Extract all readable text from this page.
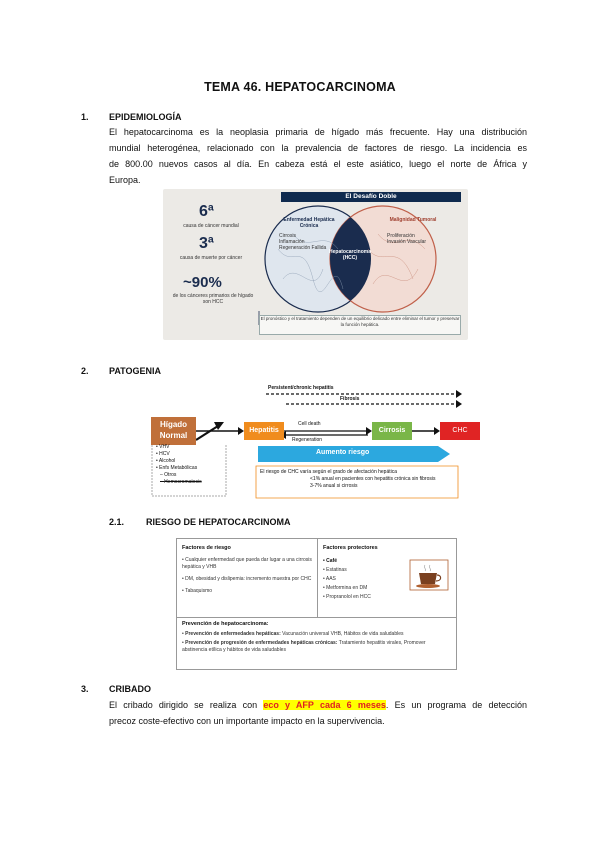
TEMA 46. HEPATOCARCINOMA
1. EPIDEMIOLOGÍA
El hepatocarcinoma es la neoplasia primaria de hígado más frecuente. Hay una distribución
mundial heterogénea, relacionado con la prevalencia de factores de riesgo. La incidencia es
de 800.00 nuevos casos al día. En cabeza está el este asiático, luego el norte de África y
Europa.
El Desafío Doble
6ª
causa de cáncer mundial
3ª
causa de muerte por cáncer
~90%
de los cánceres primarios de hígado son HCC
Enfermedad Hepática Crónica
Cirrosis
Inflamación
Regeneración Fallida
Malignidad Tumoral
Proliferación
Invasión Vascular
Hepatocarcinoma (HCC)
El pronóstico y el tratamiento dependen de un equilibrio delicado entre eliminar el tumor y preservar la función hepática.
2. PATOGENIA
Persistent/chronic hepatitis
Fibrosis
Hígado Normal
Hepatitis	Cirrosis	CHC
Cell death
Regeneration
Aumento riesgo
• VHV
• HCV
• Alcohol
• Enfs Metabólicas
– Otros
– Hemocromatosis
El riesgo de CHC varía según el grado de afectación hepática
<1% anual en pacientes con hepatitis crónica sin fibrosis
3-7% anual si cirrosis
2.1. RIESGO DE HEPATOCARCINOMA
Factores de riesgo
• Cualquier enfermedad que pueda dar lugar a una cirrosis hepática y VHB
• DM, obesidad y dislipemia: incremento muestra por CHC
• Tabaquismo
Factores protectores
• Café
• Estatinas
• AAS
• Metformina en DM
• Propranolol en HCC
Prevención de hepatocarcinoma:
• Prevención de enfermedades hepáticas: Vacunación universal VHB, Hábitos de vida saludables
• Prevención de progresión de enfermedades hepáticas crónicas: Tratamiento hepatitis virales, Promover abstinencia etílica y hábitos de vida saludables
3. CRIBADO
El cribado dirigido se realiza con eco y AFP cada 6 meses. Es un programa de detección
precoz coste-efectivo con un importante impacto en la supervivencia.
